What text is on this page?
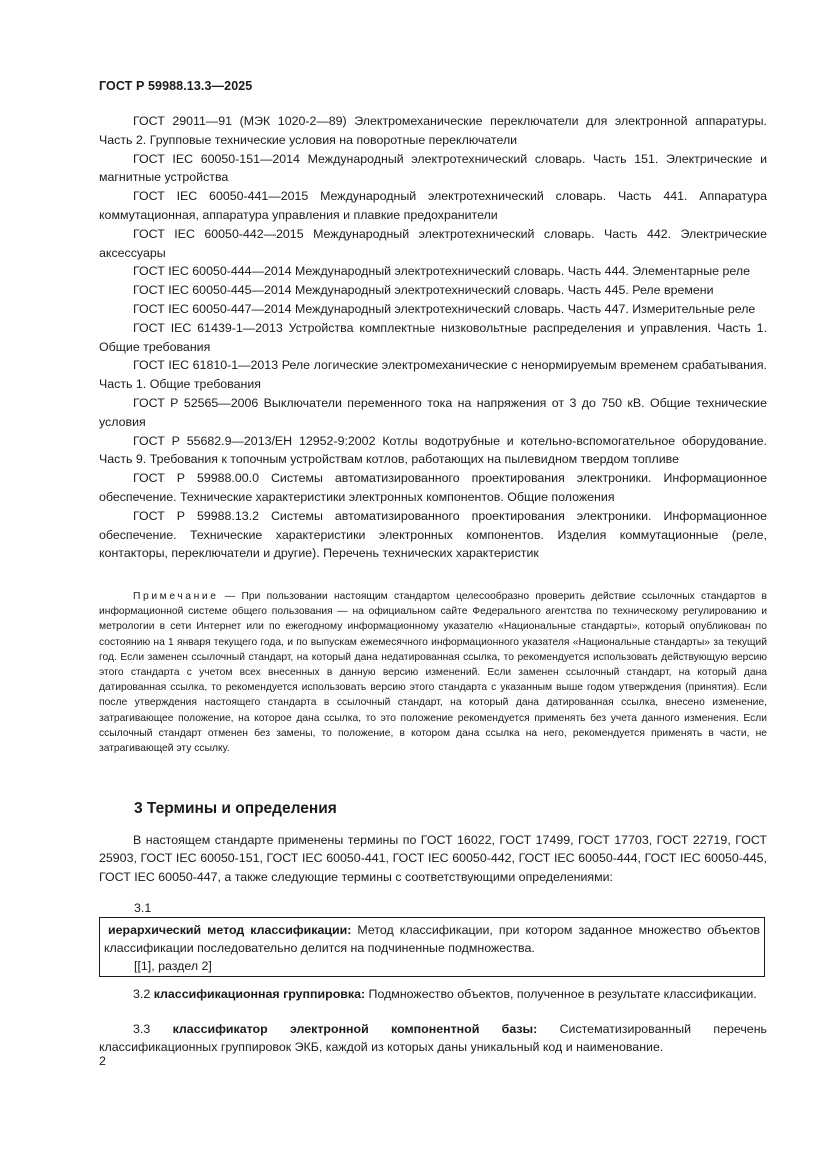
ГОСТ Р 59988.13.3—2025

ГОСТ 29011—91 (МЭК 1020-2—89) Электромеханические переключатели для электронной аппаратуры. Часть 2. Групповые технические условия на поворотные переключатели

ГОСТ IEC 60050-151—2014 Международный электротехнический словарь. Часть 151. Электрические и магнитные устройства

ГОСТ IEC 60050-441—2015 Международный электротехнический словарь. Часть 441. Аппаратура коммутационная, аппаратура управления и плавкие предохранители

ГОСТ IEC 60050-442—2015 Международный электротехнический словарь. Часть 442. Электрические аксессуары

ГОСТ IEC 60050-444—2014 Международный электротехнический словарь. Часть 444. Элементарные реле

ГОСТ IEC 60050-445—2014 Международный электротехнический словарь. Часть 445. Реле времени

ГОСТ IEC 60050-447—2014 Международный электротехнический словарь. Часть 447. Измерительные реле

ГОСТ IEC 61439-1—2013 Устройства комплектные низковольтные распределения и управления. Часть 1. Общие требования

ГОСТ IEC 61810-1—2013 Реле логические электромеханические с ненормируемым временем срабатывания. Часть 1. Общие требования

ГОСТ Р 52565—2006 Выключатели переменного тока на напряжения от 3 до 750 кВ. Общие технические условия

ГОСТ Р 55682.9—2013/ЕН 12952-9:2002 Котлы водотрубные и котельно-вспомогательное оборудование. Часть 9. Требования к топочным устройствам котлов, работающих на пылевидном твердом топливе

ГОСТ Р 59988.00.0 Системы автоматизированного проектирования электроники. Информационное обеспечение. Технические характеристики электронных компонентов. Общие положения

ГОСТ Р 59988.13.2 Системы автоматизированного проектирования электроники. Информационное обеспечение. Технические характеристики электронных компонентов. Изделия коммутационные (реле, контакторы, переключатели и другие). Перечень технических характеристик

Примечание — При пользовании настоящим стандартом целесообразно проверить действие ссылочных стандартов в информационной системе общего пользования — на официальном сайте Федерального агентства по техническому регулированию и метрологии в сети Интернет или по ежегодному информационному указателю «Национальные стандарты», который опубликован по состоянию на 1 января текущего года, и по выпускам ежемесячного информационного указателя «Национальные стандарты» за текущий год. Если заменен ссылочный стандарт, на который дана недатированная ссылка, то рекомендуется использовать действующую версию этого стандарта с учетом всех внесенных в данную версию изменений. Если заменен ссылочный стандарт, на который дана датированная ссылка, то рекомендуется использовать версию этого стандарта с указанным выше годом утверждения (принятия). Если после утверждения настоящего стандарта в ссылочный стандарт, на который дана датированная ссылка, внесено изменение, затрагивающее положение, на которое дана ссылка, то это положение рекомендуется применять без учета данного изменения. Если ссылочный стандарт отменен без замены, то положение, в котором дана ссылка на него, рекомендуется применять в части, не затрагивающей эту ссылку.

3 Термины и определения

В настоящем стандарте применены термины по ГОСТ 16022, ГОСТ 17499, ГОСТ 17703, ГОСТ 22719, ГОСТ 25903, ГОСТ IEC 60050-151, ГОСТ IEC 60050-441, ГОСТ IEC 60050-442, ГОСТ IEC 60050-444, ГОСТ IEC 60050-445, ГОСТ IEC 60050-447, а также следующие термины с соответствующими определениями:

3.1

иерархический метод классификации: Метод классификации, при котором заданное множество объектов классификации последовательно делится на подчиненные подмножества.

[[1], раздел 2]

3.2 классификационная группировка: Подмножество объектов, полученное в результате классификации.

3.3 классификатор электронной компонентной базы: Систематизированный перечень классификационных группировок ЭКБ, каждой из которых даны уникальный код и наименование.

2
